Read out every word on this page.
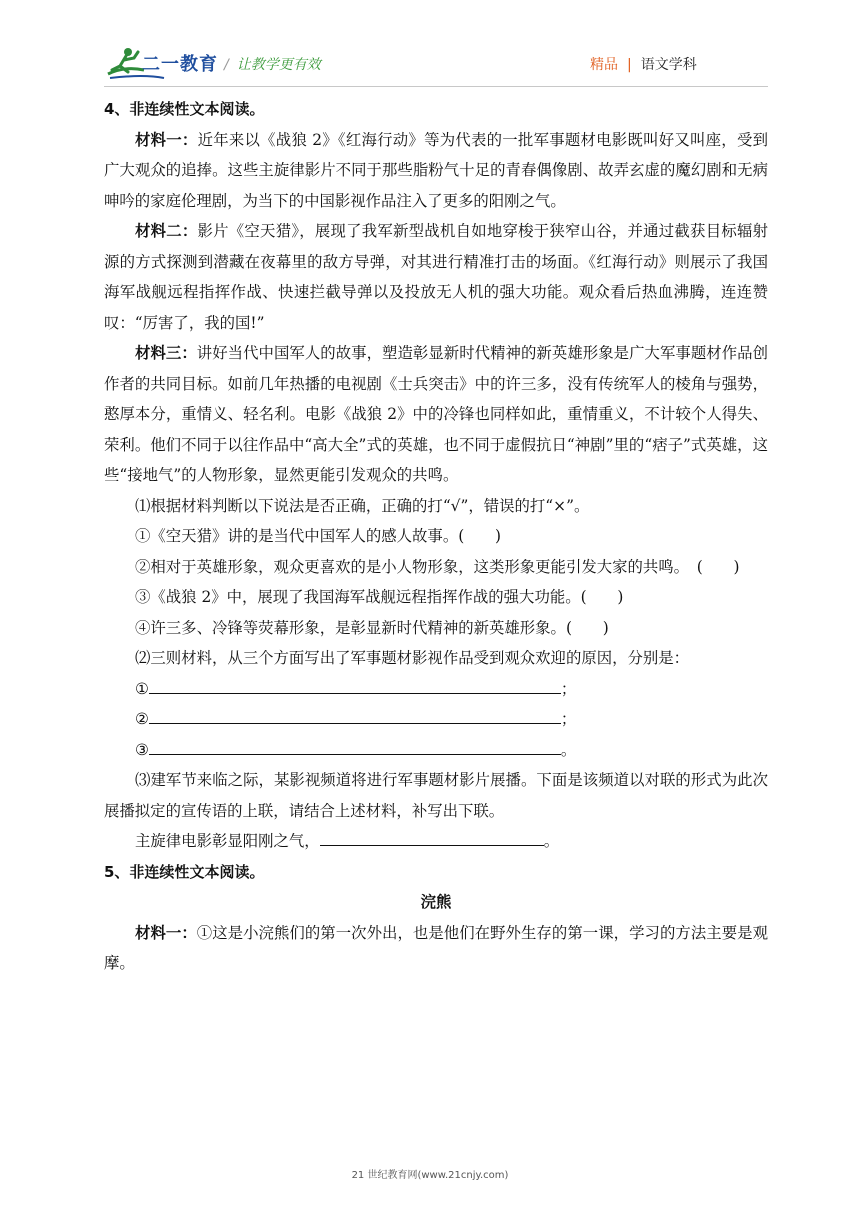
二一教育 / 让教学更有效	精品 | 语文学科

4、非连续性文本阅读。

材料一：近年来以《战狼 2》《红海行动》等为代表的一批军事题材电影既叫好又叫座，受到广大观众的追捧。这些主旋律影片不同于那些脂粉气十足的青春偶像剧、故弄玄虚的魔幻剧和无病呻吟的家庭伦理剧，为当下的中国影视作品注入了更多的阳刚之气。

材料二：影片《空天猎》，展现了我军新型战机自如地穿梭于狭窄山谷，并通过截获目标辐射源的方式探测到潜藏在夜幕里的敌方导弹，对其进行精准打击的场面。《红海行动》则展示了我国海军战舰远程指挥作战、快速拦截导弹以及投放无人机的强大功能。观众看后热血沸腾，连连赞叹：“厉害了，我的国!”

材料三：讲好当代中国军人的故事，塑造彰显新时代精神的新英雄形象是广大军事题材作品创作者的共同目标。如前几年热播的电视剧《士兵突击》中的许三多，没有传统军人的棱角与强势，憨厚本分，重情义、轻名利。电影《战狼 2》中的冷锋也同样如此，重情重义，不计较个人得失、荣利。他们不同于以往作品中“高大全”式的英雄，也不同于虚假抗日“神剧”里的“痞子”式英雄，这些“接地气”的人物形象，显然更能引发观众的共鸣。

⑴根据材料判断以下说法是否正确，正确的打“√”，错误的打“×”。

①《空天猎》讲的是当代中国军人的感人故事。(　　)

②相对于英雄形象，观众更喜欢的是小人物形象，这类形象更能引发大家的共鸣。　(　　)

③《战狼 2》中，展现了我国海军战舰远程指挥作战的强大功能。(　　)

④许三多、冷锋等荧幕形象，是彰显新时代精神的新英雄形象。(　　)

⑵三则材料，从三个方面写出了军事题材影视作品受到观众欢迎的原因，分别是：

①	；

②	；

③	。

⑶建军节来临之际，某影视频道将进行军事题材影片展播。下面是该频道以对联的形式为此次展播拟定的宣传语的上联，请结合上述材料，补写出下联。

主旋律电影彰显阳刚之气，	。

5、非连续性文本阅读。

浣熊

材料一：①这是小浣熊们的第一次外出，也是他们在野外生存的第一课，学习的方法主要是观摩。

21 世纪教育网(www.21cnjy.com)
